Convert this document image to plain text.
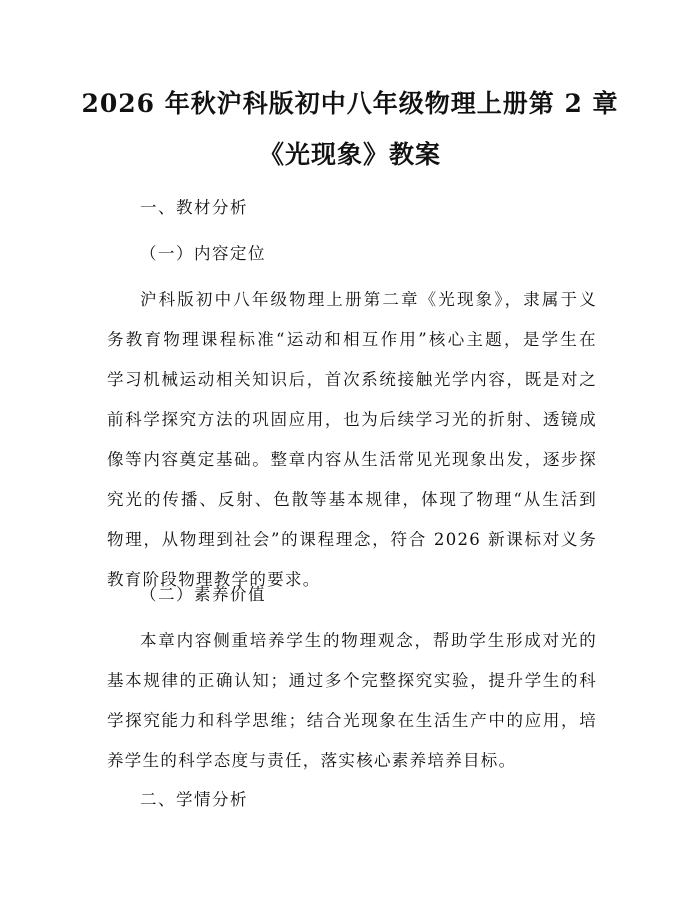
2026 年秋沪科版初中八年级物理上册第 2 章
《光现象》教案
一、教材分析
（一）内容定位
沪科版初中八年级物理上册第二章《光现象》，隶属于义
务教育物理课程标准“运动和相互作用”核心主题，是学生在
学习机械运动相关知识后，首次系统接触光学内容，既是对之
前科学探究方法的巩固应用，也为后续学习光的折射、透镜成
像等内容奠定基础。整章内容从生活常见光现象出发，逐步探
究光的传播、反射、色散等基本规律，体现了物理“从生活到
物理，从物理到社会”的课程理念，符合 2026 新课标对义务
教育阶段物理教学的要求。
（二）素养价值
本章内容侧重培养学生的物理观念，帮助学生形成对光的
基本规律的正确认知；通过多个完整探究实验，提升学生的科
学探究能力和科学思维；结合光现象在生活生产中的应用，培
养学生的科学态度与责任，落实核心素养培养目标。
二、学情分析
